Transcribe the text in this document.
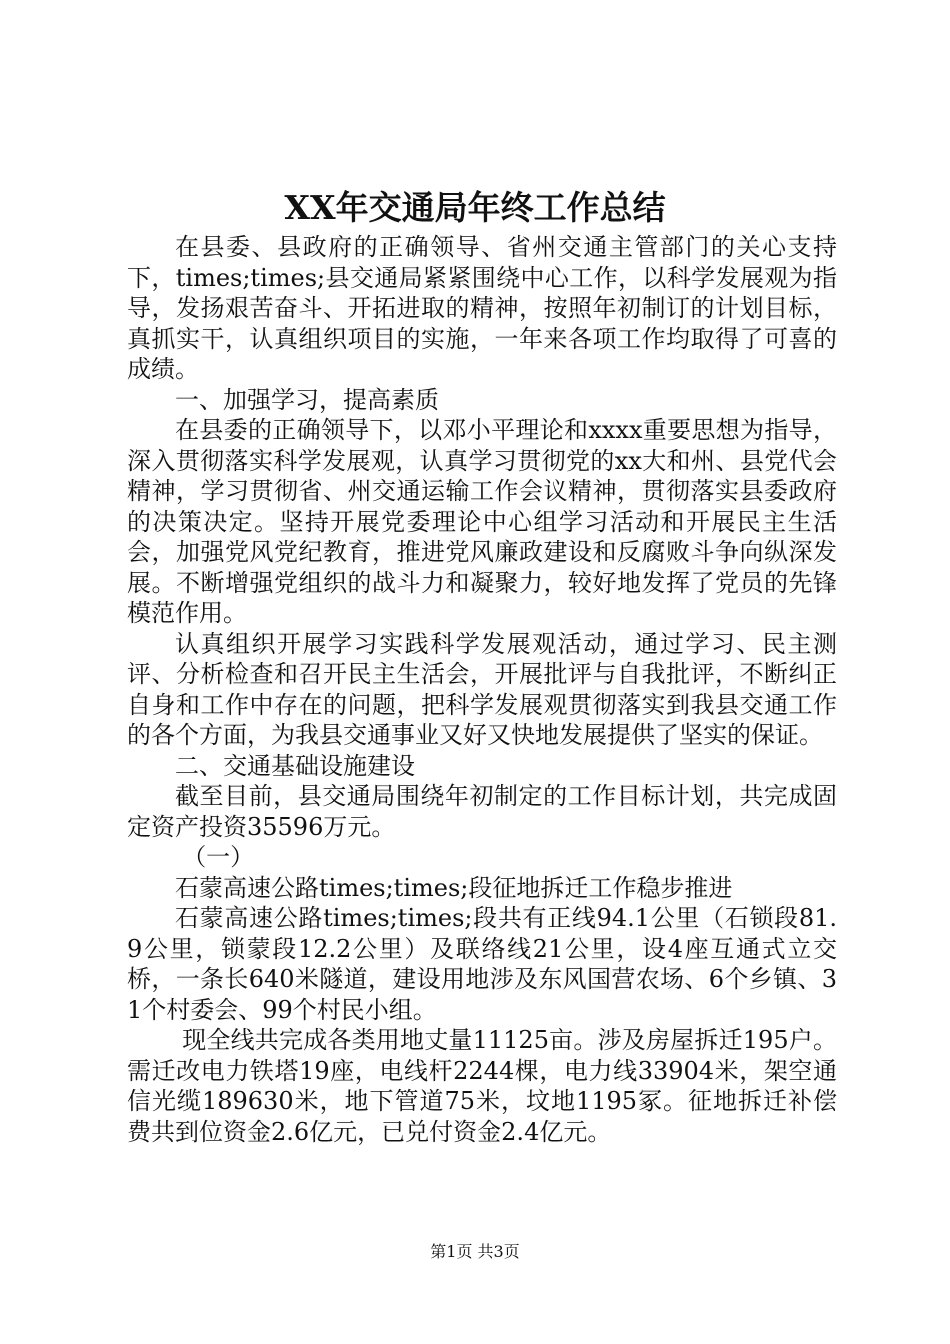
XX年交通局年终工作总结

在县委、县政府的正确领导、省州交通主管部门的关心支持下，times;times;县交通局紧紧围绕中心工作，以科学发展观为指导，发扬艰苦奋斗、开拓进取的精神，按照年初制订的计划目标，真抓实干，认真组织项目的实施，一年来各项工作均取得了可喜的成绩。

一、加强学习，提高素质

在县委的正确领导下，以邓小平理论和xxxx重要思想为指导，深入贯彻落实科学发展观，认真学习贯彻党的xx大和州、县党代会精神，学习贯彻省、州交通运输工作会议精神，贯彻落实县委政府的决策决定。坚持开展党委理论中心组学习活动和开展民主生活会，加强党风党纪教育，推进党风廉政建设和反腐败斗争向纵深发展。不断增强党组织的战斗力和凝聚力，较好地发挥了党员的先锋模范作用。

认真组织开展学习实践科学发展观活动，通过学习、民主测评、分析检查和召开民主生活会，开展批评与自我批评，不断纠正自身和工作中存在的问题，把科学发展观贯彻落实到我县交通工作的各个方面，为我县交通事业又好又快地发展提供了坚实的保证。

二、交通基础设施建设

截至目前，县交通局围绕年初制定的工作目标计划，共完成固定资产投资35596万元。

（一）

石蒙高速公路times;times;段征地拆迁工作稳步推进

石蒙高速公路times;times;段共有正线94.1公里（石锁段81.9公里，锁蒙段12.2公里）及联络线21公里，设4座互通式立交桥，一条长640米隧道，建设用地涉及东风国营农场、6个乡镇、31个村委会、99个村民小组。

现全线共完成各类用地丈量11125亩。涉及房屋拆迁195户。需迁改电力铁塔19座，电线杆2244棵，电力线33904米，架空通信光缆189630米，地下管道75米，坟地1195冢。征地拆迁补偿费共到位资金2.6亿元，已兑付资金2.4亿元。

第1页 共3页
